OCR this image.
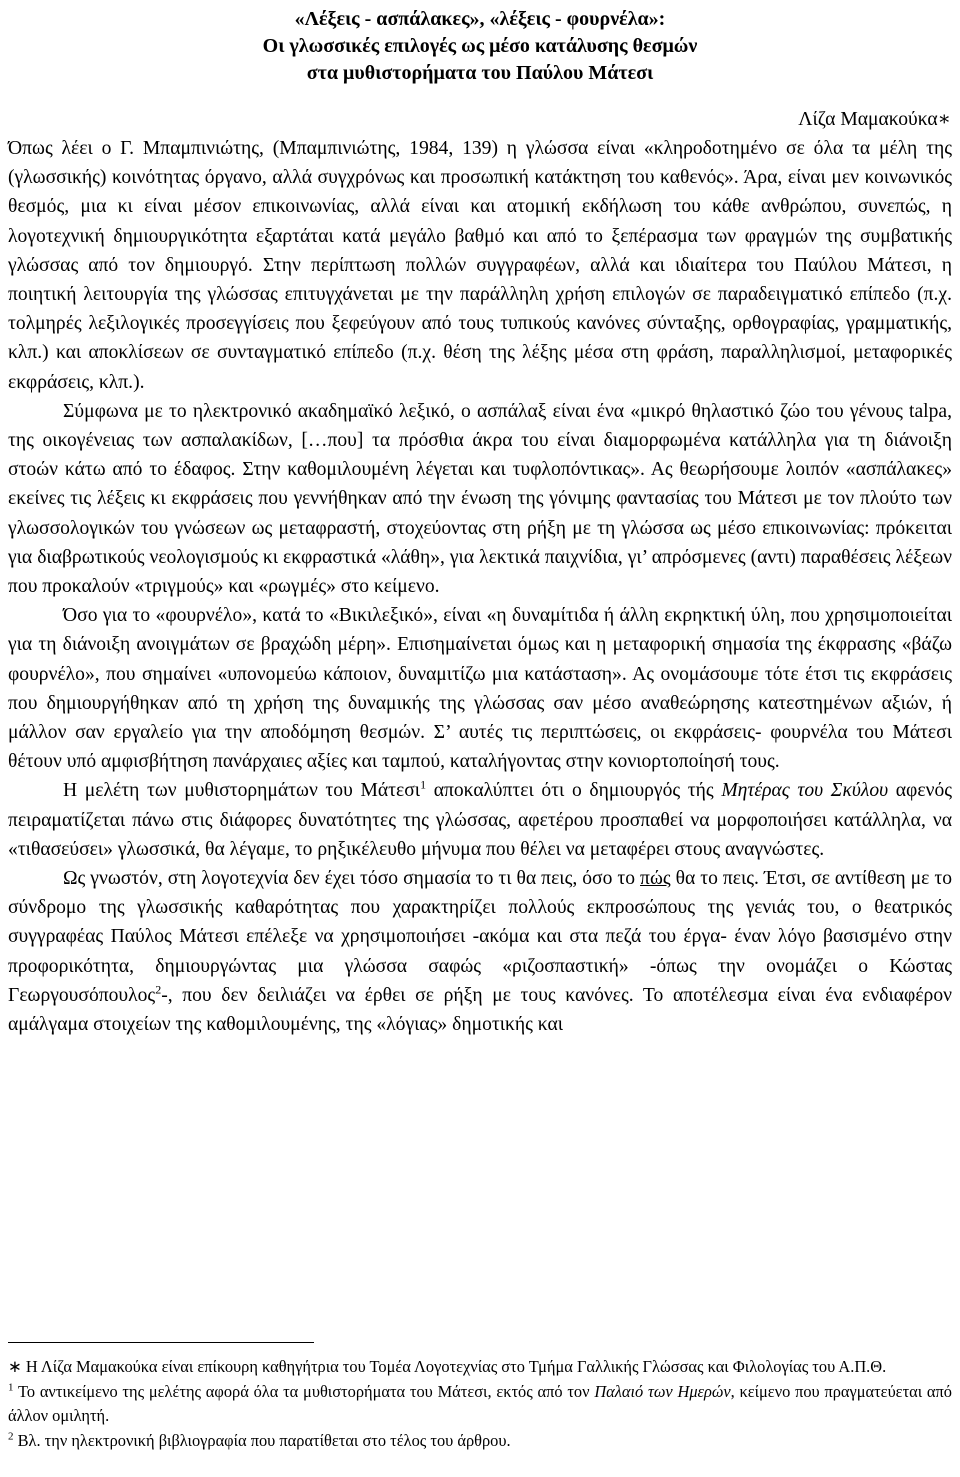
«Λέξεις - ασπάλακες», «λέξεις - φουρνέλα»:
Οι γλωσσικές επιλογές ως μέσο κατάλυσης θεσμών
στα μυθιστορήματα του Παύλου Μάτεσι
Λίζα Μαμακούκα∗

Όπως λέει ο Γ. Μπαμπινιώτης, (Μπαμπινιώτης, 1984, 139) η γλώσσα είναι «κληροδοτημένο σε όλα τα μέλη της (γλωσσικής) κοινότητας όργανο, αλλά συγχρόνως και προσωπική κατάκτηση του καθενός». Άρα, είναι μεν κοινωνικός θεσμός, μια κι είναι μέσον επικοινωνίας, αλλά είναι και ατομική εκδήλωση του κάθε ανθρώπου, συνεπώς, η λογοτεχνική δημιουργικότητα εξαρτάται κατά μεγάλο βαθμό και από το ξεπέρασμα των φραγμών της συμβατικής γλώσσας από τον δημιουργό. Στην περίπτωση πολλών συγγραφέων, αλλά και ιδιαίτερα του Παύλου Μάτεσι, η ποιητική λειτουργία της γλώσσας επιτυγχάνεται με την παράλληλη χρήση επιλογών σε παραδειγματικό επίπεδο (π.χ. τολμηρές λεξιλογικές προσεγγίσεις που ξεφεύγουν από τους τυπικούς κανόνες σύνταξης, ορθογραφίας, γραμματικής, κλπ.) και αποκλίσεων σε συνταγματικό επίπεδο (π.χ. θέση της λέξης μέσα στη φράση, παραλληλισμοί, μεταφορικές εκφράσεις, κλπ.).

Σύμφωνα με το ηλεκτρονικό ακαδημαϊκό λεξικό, ο ασπάλαξ είναι ένα «μικρό θηλαστικό ζώο του γένους talpa, της οικογένειας των ασπαλακίδων, […που] τα πρόσθια άκρα του είναι διαμορφωμένα κατάλληλα για τη διάνοιξη στοών κάτω από το έδαφος. Στην καθομιλουμένη λέγεται και τυφλοπόντικας». Ας θεωρήσουμε λοιπόν «ασπάλακες» εκείνες τις λέξεις κι εκφράσεις που γεννήθηκαν από την ένωση της γόνιμης φαντασίας του Μάτεσι με τον πλούτο των γλωσσολογικών του γνώσεων ως μεταφραστή, στοχεύοντας στη ρήξη με τη γλώσσα ως μέσο επικοινωνίας: πρόκειται για διαβρωτικούς νεολογισμούς κι εκφραστικά «λάθη», για λεκτικά παιχνίδια, γι’ απρόσμενες (αντι) παραθέσεις λέξεων που προκαλούν «τριγμούς» και «ρωγμές» στο κείμενο.

Όσο για το «φουρνέλο», κατά το «Βικιλεξικό», είναι «η δυναμίτιδα ή άλλη εκρηκτική ύλη, που χρησιμοποιείται για τη διάνοιξη ανοιγμάτων σε βραχώδη μέρη». Επισημαίνεται όμως και η μεταφορική σημασία της έκφρασης «βάζω φουρνέλο», που σημαίνει «υπονομεύω κάποιον, δυναμιτίζω μια κατάσταση». Ας ονομάσουμε τότε έτσι τις εκφράσεις που δημιουργήθηκαν από τη χρήση της δυναμικής της γλώσσας σαν μέσο αναθεώρησης κατεστημένων αξιών, ή μάλλον σαν εργαλείο για την αποδόμηση θεσμών. Σ’ αυτές τις περιπτώσεις, οι εκφράσεις- φουρνέλα του Μάτεσι θέτουν υπό αμφισβήτηση πανάρχαιες αξίες και ταμπού, καταλήγοντας στην κονιορτοποίησή τους.

Η μελέτη των μυθιστορημάτων του Μάτεσι$^1$ αποκαλύπτει ότι ο δημιουργός τής Μητέρας του Σκύλου αφενός πειραματίζεται πάνω στις διάφορες δυνατότητες της γλώσσας, αφετέρου προσπαθεί να μορφοποιήσει κατάλληλα, να «τιθασεύσει» γλωσσικά, θα λέγαμε, το ρηξικέλευθο μήνυμα που θέλει να μεταφέρει στους αναγνώστες.

Ως γνωστόν, στη λογοτεχνία δεν έχει τόσο σημασία το τι θα πεις, όσο το πώς θα το πεις. Έτσι, σε αντίθεση με το σύνδρομο της γλωσσικής καθαρότητας που χαρακτηρίζει πολλούς εκπροσώπους της γενιάς του, ο θεατρικός συγγραφέας Παύλος Μάτεσι επέλεξε να χρησιμοποιήσει -ακόμα και στα πεζά του έργα- έναν λόγο βασισμένο στην προφορικότητα, δημιουργώντας μια γλώσσα σαφώς «ριζοσπαστική» -όπως την ονομάζει ο Κώστας Γεωργουσόπουλος$^2$-, που δεν δειλιάζει να έρθει σε ρήξη με τους κανόνες. Το αποτέλεσμα είναι ένα ενδιαφέρον αμάλγαμα στοιχείων της καθομιλουμένης, της «λόγιας» δημοτικής και

∗ Η Λίζα Μαμακούκα είναι επίκουρη καθηγήτρια του Τομέα Λογοτεχνίας στο Τμήμα Γαλλικής Γλώσσας και Φιλολογίας του Α.Π.Θ.

$^1$ Το αντικείμενο της μελέτης αφορά όλα τα μυθιστορήματα του Μάτεσι, εκτός από τον Παλαιό των Ημερών, κείμενο που πραγματεύεται από άλλον ομιλητή.

$^2$ Βλ. την ηλεκτρονική βιβλιογραφία που παρατίθεται στο τέλος του άρθρου.
